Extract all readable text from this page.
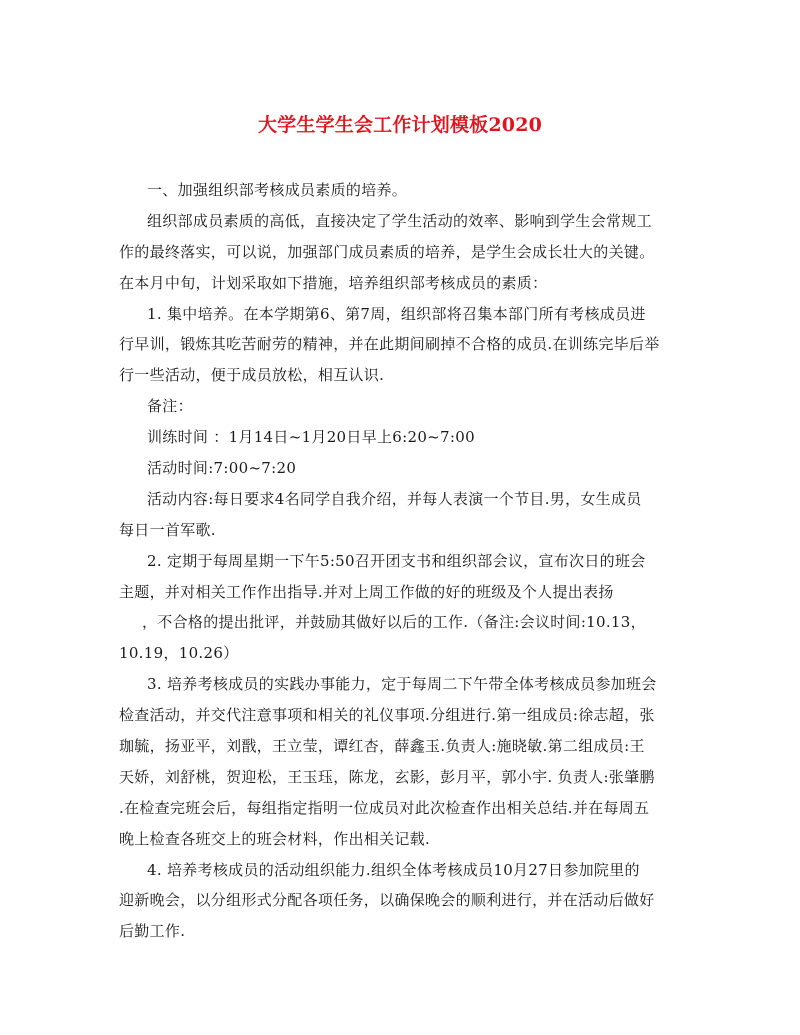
大学生学生会工作计划模板2020
一、加强组织部考核成员素质的培养。
组织部成员素质的高低，直接决定了学生活动的效率、影响到学生会常规工
作的最终落实，可以说，加强部门成员素质的培养，是学生会成长壮大的关键。
在本月中旬，计划采取如下措施，培养组织部考核成员的素质：
1. 集中培养。在本学期第6、第7周，组织部将召集本部门所有考核成员进
行早训，锻炼其吃苦耐劳的精神，并在此期间刷掉不合格的成员.在训练完毕后举
行一些活动，便于成员放松，相互认识.
备注：
训练时间 ：1月14日~1月20日早上6:20~7:00
活动时间:7:00~7:20
活动内容:每日要求4名同学自我介绍，并每人表演一个节目.男，女生成员
每日一首军歌.
2. 定期于每周星期一下午5:50召开团支书和组织部会议，宣布次日的班会
主题，并对相关工作作出指导.并对上周工作做的好的班级及个人提出表扬
，不合格的提出批评，并鼓励其做好以后的工作.（备注:会议时间:10.13，
10.19，10.26）
3. 培养考核成员的实践办事能力，定于每周二下午带全体考核成员参加班会
检查活动，并交代注意事项和相关的礼仪事项.分组进行.第一组成员:徐志超，张
珈毓，扬亚平，刘戬，王立莹，谭红杏，薛鑫玉.负责人:施晓敏.第二组成员:王
天娇，刘舒桃，贺迎松，王玉珏，陈龙，玄影，彭月平，郭小宇. 负责人:张肇鹏
.在检查完班会后，每组指定指明一位成员对此次检查作出相关总结.并在每周五
晚上检查各班交上的班会材料，作出相关记载.
4. 培养考核成员的活动组织能力.组织全体考核成员10月27日参加院里的
迎新晚会，以分组形式分配各项任务，以确保晚会的顺利进行，并在活动后做好
后勤工作.
